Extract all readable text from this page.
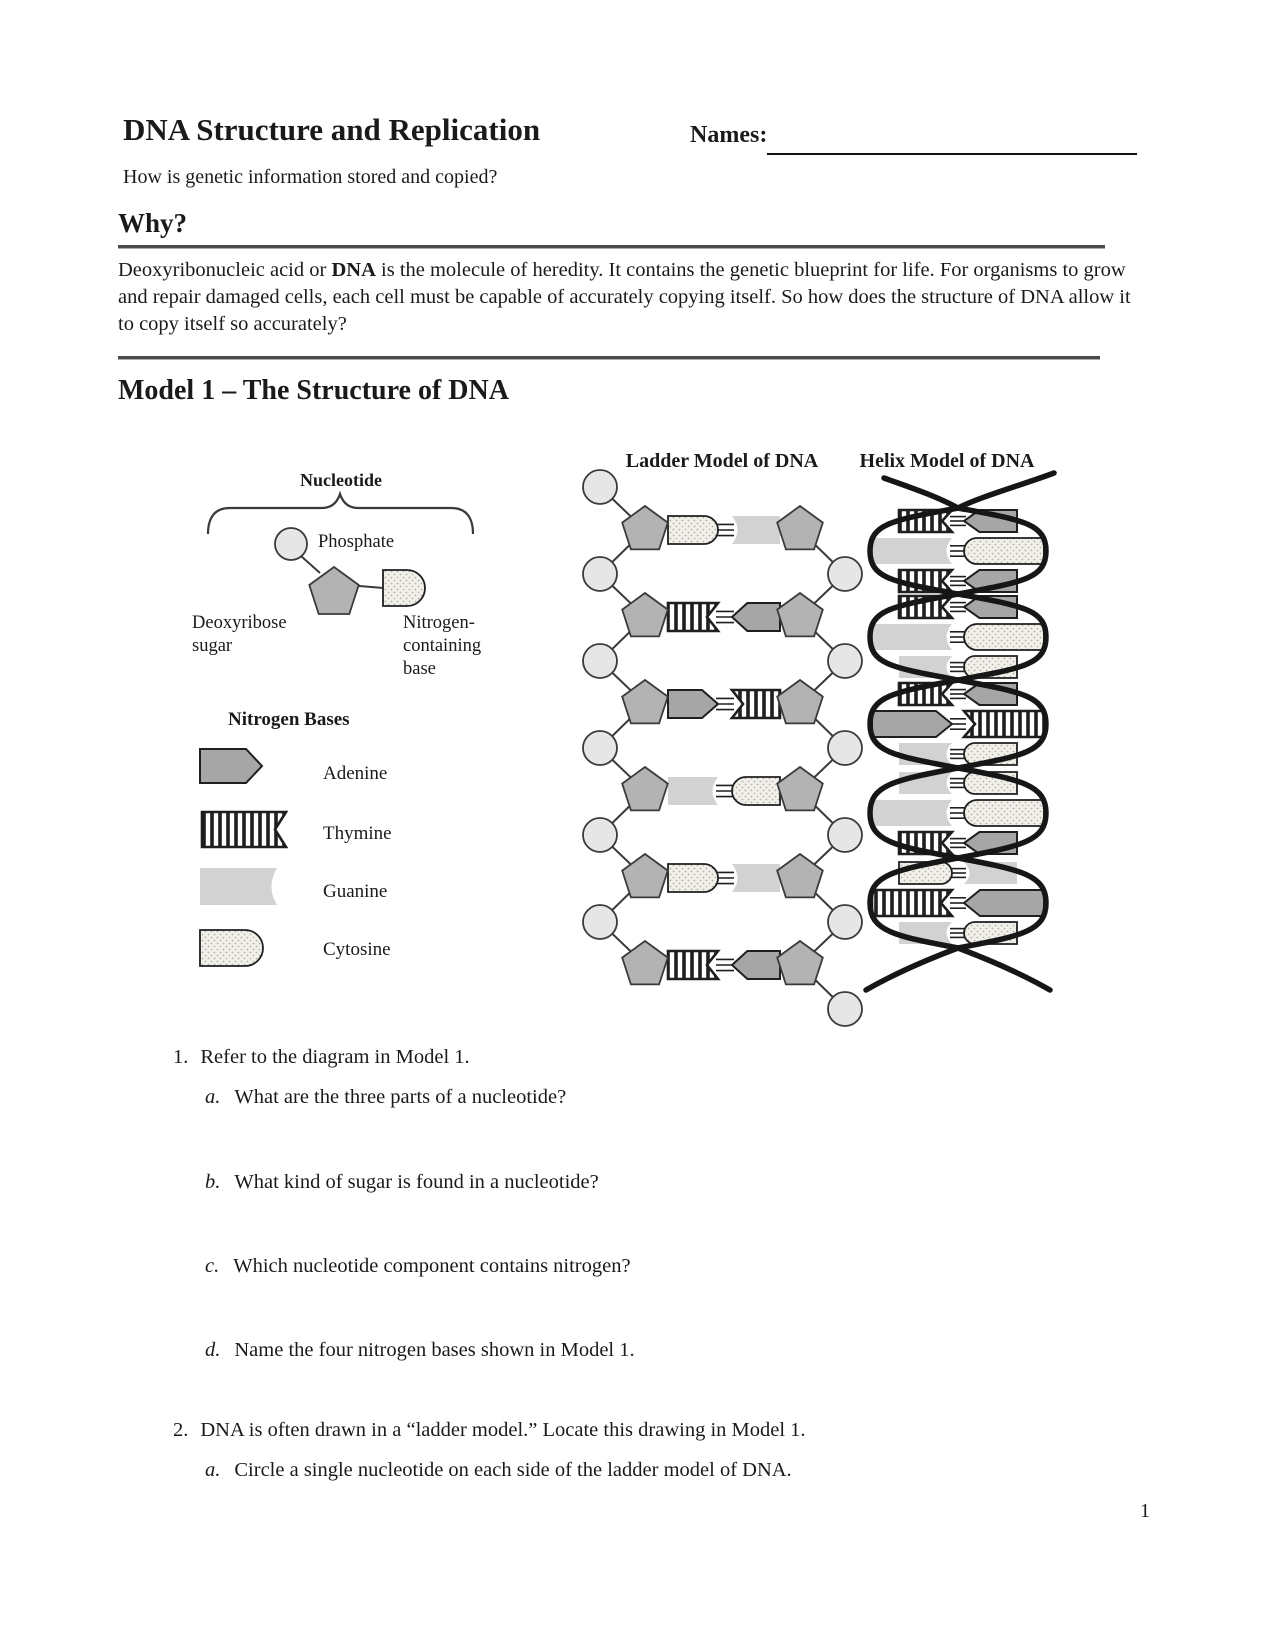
DNA Structure and Replication	Names:
How is genetic information stored and copied?
Why?
Deoxyribonucleic acid or DNA is the molecule of heredity. It contains the genetic blueprint for life. For organisms to grow and repair damaged cells, each cell must be capable of accurately copying itself. So how does the structure of DNA allow it to copy itself so accurately?
Model 1 – The Structure of DNA
Ladder Model of DNA Helix Model of DNA
Nucleotide
Phosphate
Deoxyribose sugar
Nitrogen-containing base
Nitrogen Bases
Adenine
Thymine
Guanine
Cytosine
1. Refer to the diagram in Model 1.
a. What are the three parts of a nucleotide?
b. What kind of sugar is found in a nucleotide?
c. Which nucleotide component contains nitrogen?
d. Name the four nitrogen bases shown in Model 1.
2. DNA is often drawn in a “ladder model.” Locate this drawing in Model 1.
a. Circle a single nucleotide on each side of the ladder model of DNA.
1
